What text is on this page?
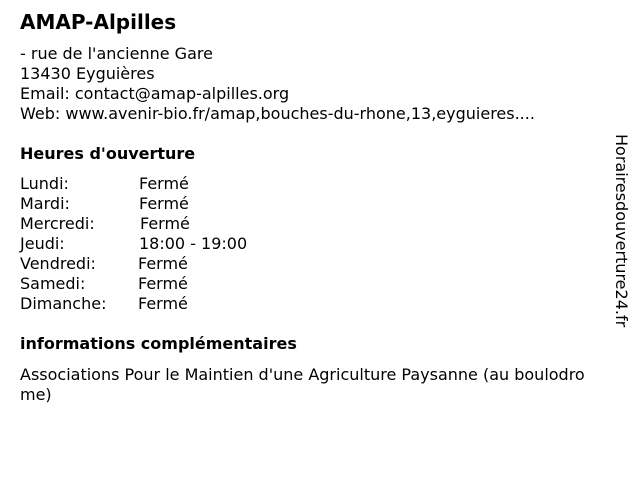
AMAP-Alpilles
- rue de l'ancienne Gare
13430 Eyguières
Email: contact@amap-alpilles.org
Web: www.avenir-bio.fr/amap,bouches-du-rhone,13,eyguieres....
Heures d'ouverture
Lundi:	Fermé
Mardi:	Fermé
Mercredi:	Fermé
Jeudi:	18:00 - 19:00
Vendredi:	Fermé
Samedi:	Fermé
Dimanche: Fermé
informations complémentaires
Associations Pour le Maintien d'une Agriculture Paysanne (au boulodrome)
Horairesdouverture24.fr
